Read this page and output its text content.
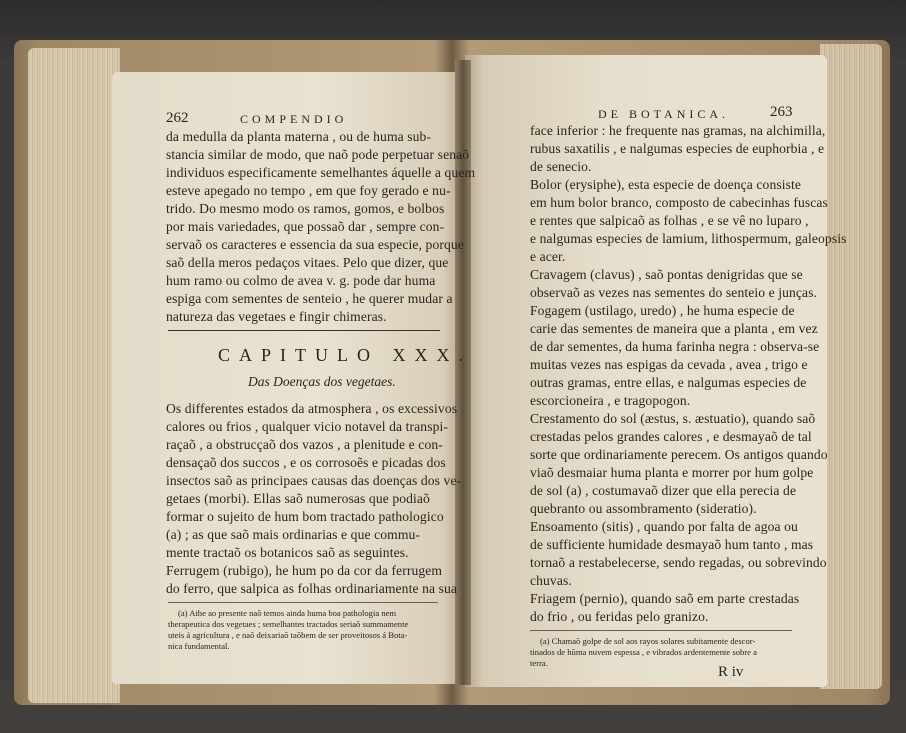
262	COMPENDIO
da medulla da planta materna , ou de huma sub-
stancia similar de modo, que naõ pode perpetuar senaõ
individuos especificamente semelhantes áquelle a quem
esteve apegado no tempo , em que foy gerado e nu-
trido. Do mesmo modo os ramos, gomos, e bolbos
por mais variedades, que possaõ dar , sempre con-
servaõ os caracteres e essencia da sua especie, porque
saõ della meros pedaços vitaes. Pelo que dizer, que
hum ramo ou colmo de avea v. g. pode dar huma
espiga com sementes de senteio , he querer mudar a
natureza das vegetaes e fingir chimeras.
CAPITULO XXX.
Das Doenças dos vegetaes.
Os differentes estados da atmosphera , os excessivos
calores ou frios , qualquer vicio notavel da transpi-
raçaõ , a obstrucçaõ dos vazos , a plenitude e con-
densaçaõ dos succos , e os corrosoẽs e picadas dos
insectos saõ as principaes causas das doenças dos ve-
getaes (morbi). Ellas saõ numerosas que podiaõ
formar o sujeito de hum bom tractado pathologico
(a) ; as que saõ mais ordinarias e que commu-
mente tractaõ os botanicos saõ as seguintes.
Ferrugem (rubigo), he hum po da cor da ferrugem
do ferro, que salpica as folhas ordinariamente na sua
(a) Athe ao presente naõ temos ainda huma boa pathologia nem
therapeutica dos vegetaes ; semelhantes tractados seriaõ summamente
uteis á agricultura , e naõ deixariaõ taõbem de ser proveitosos á Bota-
nica fundamental.
DE BOTANICA.	263
face inferior : he frequente nas gramas, na alchimilla,
rubus saxatilis , e nalgumas especies de euphorbia , e
de senecio.
Bolor (erysiphe), esta especie de doença consiste
em hum bolor branco, composto de cabecinhas fuscas
e rentes que salpicaõ as folhas , e se vê no luparo ,
e nalgumas especies de lamium, lithospermum, galeopsis
e acer.
Cravagem (clavus) , saõ pontas denigridas que se
observaõ as vezes nas sementes do senteio e junças.
Fogagem (ustilago, uredo) , he huma especie de
carie das sementes de maneira que a planta , em vez
de dar sementes, da huma farinha negra : observa-se
muitas vezes nas espigas da cevada , avea , trigo e
outras gramas, entre ellas, e nalgumas especies de
escorcioneira , e tragopogon.
Crestamento do sol (æstus, s. æstuatio), quando saõ
crestadas pelos grandes calores , e desmayaõ de tal
sorte que ordinariamente perecem. Os antigos quando
viaõ desmaiar huma planta e morrer por hum golpe
de sol (a) , costumavaõ dizer que ella perecia de
quebranto ou assombramento (sideratio).
Ensoamento (sitis) , quando por falta de agoa ou
de sufficiente humidade desmayaõ hum tanto , mas
tornaõ a restabelecerse, sendo regadas, ou sobrevindo
chuvas.
Friagem (pernio), quando saõ em parte crestadas
do frio , ou feridas pelo granizo.
(a) Chamaõ golpe de sol aos rayos solares subitamente descor-
tinados de hũma nuvem espessa , e vibrados ardentemente sobre a
terra.
R iv
